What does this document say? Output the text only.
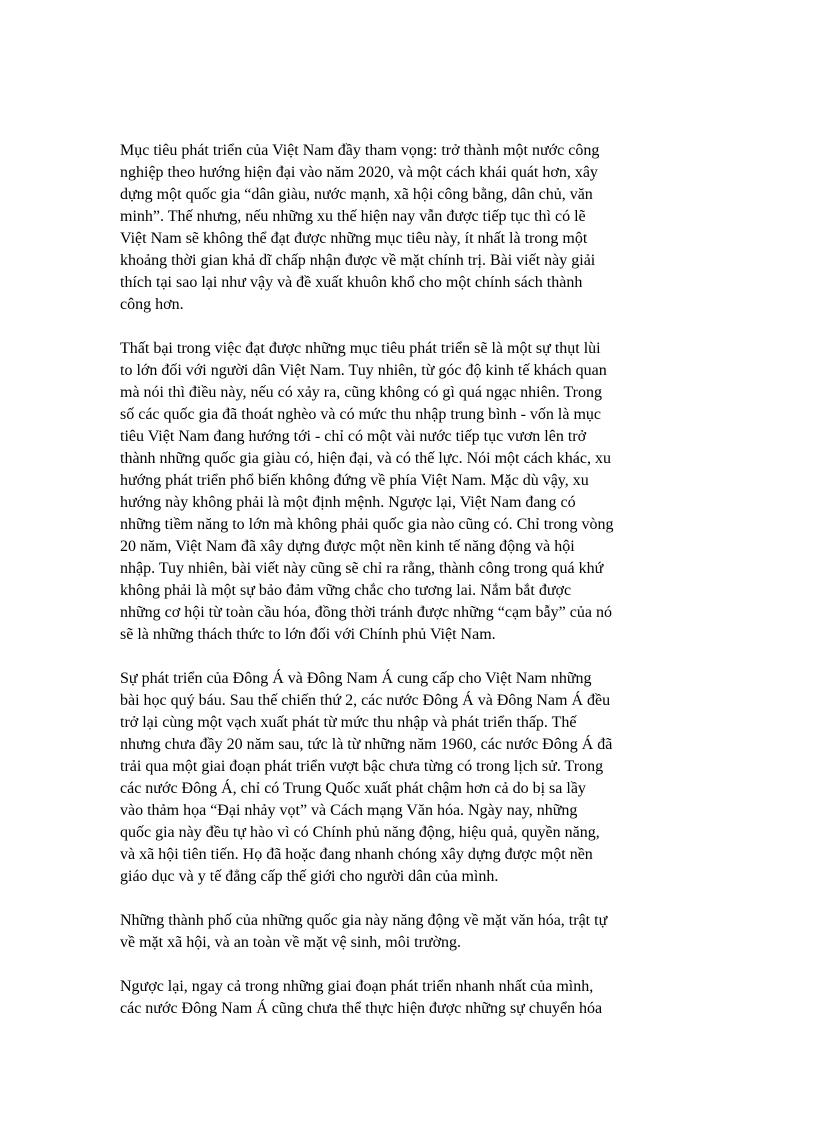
Mục tiêu phát triển của Việt Nam đầy tham vọng: trở thành một nước công
nghiệp theo hướng hiện đại vào năm 2020, và một cách khái quát hơn, xây
dựng một quốc gia “dân giàu, nước mạnh, xã hội công bằng, dân chủ, văn
minh”. Thế nhưng, nếu những xu thế hiện nay vẫn được tiếp tục thì có lẽ
Việt Nam sẽ không thể đạt được những mục tiêu này, ít nhất là trong một
khoảng thời gian khả dĩ chấp nhận được về mặt chính trị. Bài viết này giải
thích tại sao lại như vậy và đề xuất khuôn khổ cho một chính sách thành
công hơn.
Thất bại trong việc đạt được những mục tiêu phát triển sẽ là một sự thụt lùi
to lớn đối với người dân Việt Nam. Tuy nhiên, từ góc độ kinh tế khách quan
mà nói thì điều này, nếu có xảy ra, cũng không có gì quá ngạc nhiên. Trong
số các quốc gia đã thoát nghèo và có mức thu nhập trung bình - vốn là mục
tiêu Việt Nam đang hướng tới - chỉ có một vài nước tiếp tục vươn lên trở
thành những quốc gia giàu có, hiện đại, và có thế lực. Nói một cách khác, xu
hướng phát triển phổ biến không đứng về phía Việt Nam. Mặc dù vậy, xu
hướng này không phải là một định mệnh. Ngược lại, Việt Nam đang có
những tiềm năng to lớn mà không phải quốc gia nào cũng có. Chỉ trong vòng
20 năm, Việt Nam đã xây dựng được một nền kinh tế năng động và hội
nhập. Tuy nhiên, bài viết này cũng sẽ chỉ ra rằng, thành công trong quá khứ
không phải là một sự bảo đảm vững chắc cho tương lai. Nắm bắt được
những cơ hội từ toàn cầu hóa, đồng thời tránh được những “cạm bẫy” của nó
sẽ là những thách thức to lớn đối với Chính phủ Việt Nam.
Sự phát triển của Đông Á và Đông Nam Á cung cấp cho Việt Nam những
bài học quý báu. Sau thế chiến thứ 2, các nước Đông Á và Đông Nam Á đều
trở lại cùng một vạch xuất phát từ mức thu nhập và phát triển thấp. Thế
nhưng chưa đầy 20 năm sau, tức là từ những năm 1960, các nước Đông Á đã
trải qua một giai đoạn phát triển vượt bậc chưa từng có trong lịch sử. Trong
các nước Đông Á, chỉ có Trung Quốc xuất phát chậm hơn cả do bị sa lầy
vào thảm họa “Đại nhảy vọt” và Cách mạng Văn hóa. Ngày nay, những
quốc gia này đều tự hào vì có Chính phủ năng động, hiệu quả, quyền năng,
và xã hội tiên tiến. Họ đã hoặc đang nhanh chóng xây dựng được một nền
giáo dục và y tế đẳng cấp thế giới cho người dân của mình.
Những thành phố của những quốc gia này năng động về mặt văn hóa, trật tự
về mặt xã hội, và an toàn về mặt vệ sinh, môi trường.
Ngược lại, ngay cả trong những giai đoạn phát triển nhanh nhất của mình,
các nước Đông Nam Á cũng chưa thể thực hiện được những sự chuyển hóa
